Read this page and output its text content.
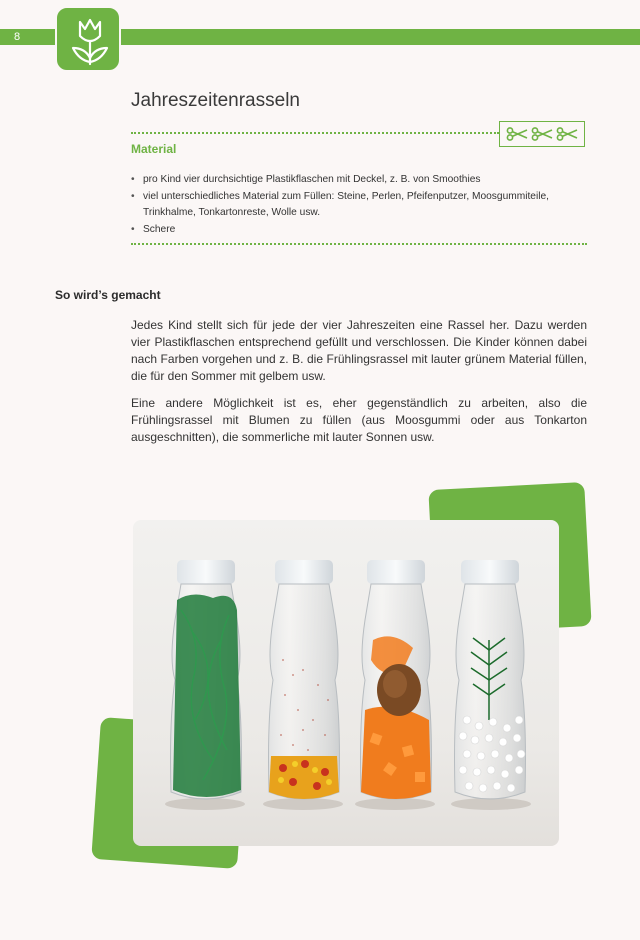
8
Jahreszeitenrasseln
Material
• pro Kind vier durchsichtige Plastikflaschen mit Deckel, z. B. von Smoothies
• viel unterschiedliches Material zum Füllen: Steine, Perlen, Pfeifenputzer, Moosgummiteile, Trinkhalme, Tonkartonreste, Wolle usw.
• Schere
So wird’s gemacht

Jedes Kind stellt sich für jede der vier Jahreszeiten eine Rassel her. Dazu werden vier Plastikflaschen entsprechend gefüllt und verschlossen. Die Kinder können dabei nach Farben vorgehen und z. B. die Frühlingsrassel mit lauter grünem Material füllen, die für den Sommer mit gelbem usw.

Eine andere Möglichkeit ist es, eher gegenständlich zu arbeiten, also die Frühlingsrassel mit Blumen zu füllen (aus Moosgummi oder aus Tonkarton ausgeschnitten), die sommerliche mit lauter Sonnen usw.
